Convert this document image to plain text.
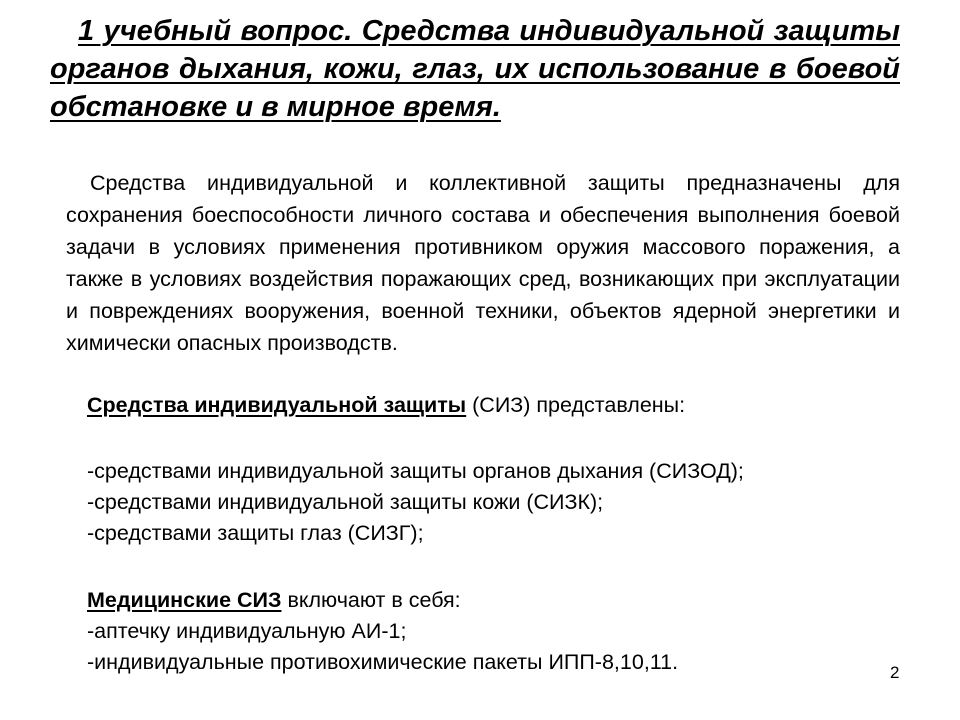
1 учебный вопрос. Средства индивидуальной защиты органов дыхания, кожи, глаз, их использование в боевой обстановке и в мирное время.

Средства индивидуальной и коллективной защиты предназначены для сохранения боеспособности личного состава и обеспечения выполнения боевой задачи в условиях применения противником оружия массового поражения, а также в условиях воздействия поражающих сред, возникающих при эксплуатации и повреждениях вооружения, военной техники, объектов ядерной энергетики и химически опасных производств.

Средства индивидуальной защиты (СИЗ) представлены:
-средствами индивидуальной защиты органов дыхания (СИЗОД);
-средствами индивидуальной защиты кожи (СИЗК);
-средствами защиты глаз (СИЗГ);
Медицинские СИЗ включают в себя:
-аптечку индивидуальную АИ-1;
-индивидуальные противохимические пакеты ИПП-8,10,11.	2
